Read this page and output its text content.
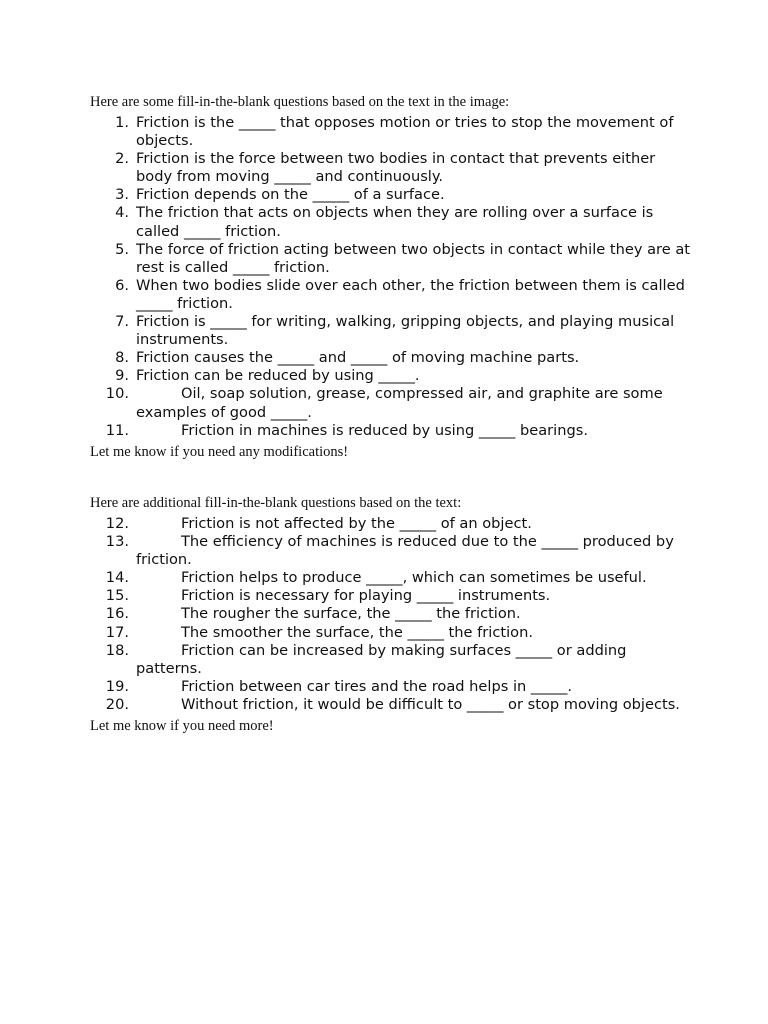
Here are some fill-in-the-blank questions based on the text in the image:

1. Friction is the _____ that opposes motion or tries to stop the movement of objects.
2. Friction is the force between two bodies in contact that prevents either body from moving _____ and continuously.
3. Friction depends on the _____ of a surface.
4. The friction that acts on objects when they are rolling over a surface is called _____ friction.
5. The force of friction acting between two objects in contact while they are at rest is called _____ friction.
6. When two bodies slide over each other, the friction between them is called _____ friction.
7. Friction is _____ for writing, walking, gripping objects, and playing musical instruments.
8. Friction causes the _____ and _____ of moving machine parts.
9. Friction can be reduced by using _____.
10.	Oil, soap solution, grease, compressed air, and graphite are some examples of good _____.
11.	Friction in machines is reduced by using _____ bearings.

Let me know if you need any modifications!

Here are additional fill-in-the-blank questions based on the text:

12.	Friction is not affected by the _____ of an object.
13.	The efficiency of machines is reduced due to the _____ produced by friction.
14.	Friction helps to produce _____, which can sometimes be useful.
15.	Friction is necessary for playing _____ instruments.
16.	The rougher the surface, the _____ the friction.
17.	The smoother the surface, the _____ the friction.
18.	Friction can be increased by making surfaces _____ or adding patterns.
19.	Friction between car tires and the road helps in _____.
20.	Without friction, it would be difficult to _____ or stop moving objects.

Let me know if you need more!
